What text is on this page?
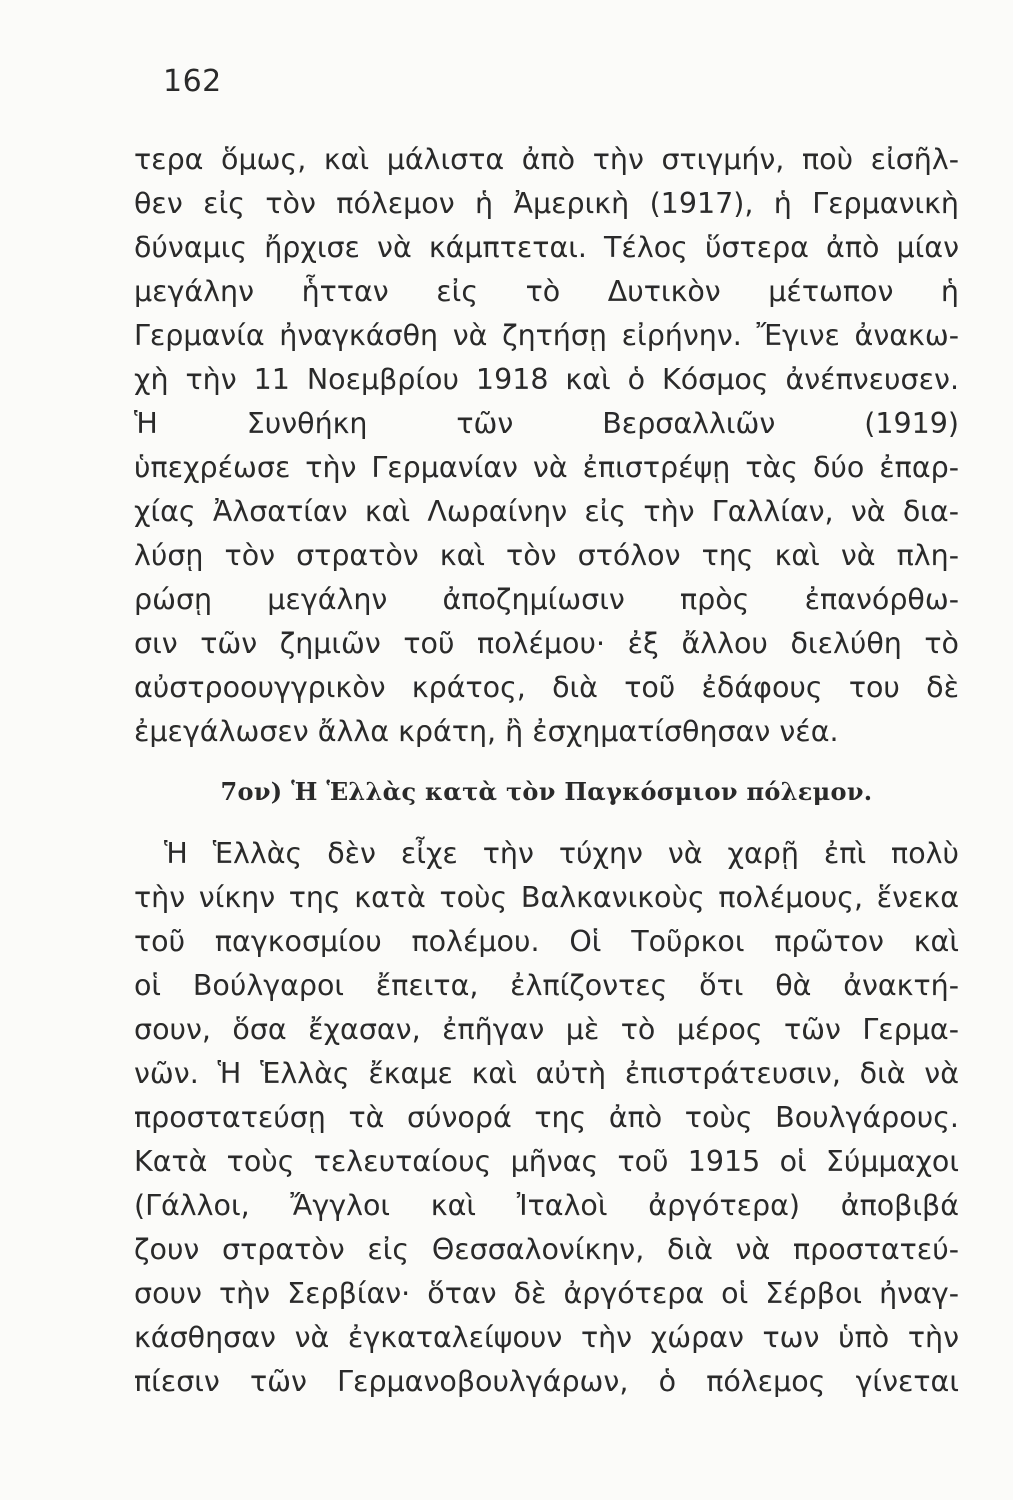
162
τερα ὅμως, καὶ μάλιστα ἀπὸ τὴν στιγμήν, ποὺ εἰσῆλ-
θεν εἰς τὸν πόλεμον ἡ Ἀμερικὴ (1917), ἡ Γερμανικὴ
δύναμις ἤρχισε νὰ κάμπτεται. Τέλος ὕστερα ἀπὸ μίαν
μεγάλην ἧτταν εἰς τὸ Δυτικὸν μέτωπον ἡ
Γερμανία ἠναγκάσθη νὰ ζητήσῃ εἰρήνην. Ἔγινε ἀνακω-
χὴ τὴν 11 Νοεμβρίου 1918 καὶ ὁ Κόσμος ἀνέπνευσεν.
Ἡ Συνθήκη τῶν Βερσαλλιῶν (1919)
ὑπεχρέωσε τὴν Γερμανίαν νὰ ἐπιστρέψῃ τὰς δύο ἐπαρ-
χίας Ἀλσατίαν καὶ Λωραίνην εἰς τὴν Γαλλίαν, νὰ δια-
λύσῃ τὸν στρατὸν καὶ τὸν στόλον της καὶ νὰ πλη-
ρώσῃ μεγάλην ἀποζημίωσιν πρὸς ἐπανόρθω-
σιν τῶν ζημιῶν τοῦ πολέμου· ἐξ ἄλλου διελύθη τὸ
αὐστροουγγρικὸν κράτος, διὰ τοῦ ἐδάφους του δὲ
ἐμεγάλωσεν ἄλλα κράτη, ἢ ἐσχηματίσθησαν νέα.
7ον) Ἡ Ἑλλὰς κατὰ τὸν Παγκόσμιον πόλεμον.
Ἡ Ἑλλὰς δὲν εἶχε τὴν τύχην νὰ χαρῇ ἐπὶ πολὺ
τὴν νίκην της κατὰ τοὺς Βαλκανικοὺς πολέμους, ἕνεκα
τοῦ παγκοσμίου πολέμου. Οἱ Τοῦρκοι πρῶτον καὶ
οἱ Βούλγαροι ἔπειτα, ἐλπίζοντες ὅτι θὰ ἀνακτή-
σουν, ὅσα ἔχασαν, ἐπῆγαν μὲ τὸ μέρος τῶν Γερμα-
νῶν. Ἡ Ἑλλὰς ἔκαμε καὶ αὐτὴ ἐπιστράτευσιν, διὰ νὰ
προστατεύσῃ τὰ σύνορά της ἀπὸ τοὺς Βουλγάρους.
Κατὰ τοὺς τελευταίους μῆνας τοῦ 1915 οἱ Σύμμαχοι
(Γάλλοι, Ἄγγλοι καὶ Ἰταλοὶ ἀργότερα) ἀποβιβά
ζουν στρατὸν εἰς Θεσσαλονίκην, διὰ νὰ προστατεύ-
σουν τὴν Σερβίαν· ὅταν δὲ ἀργότερα οἱ Σέρβοι ἠναγ-
κάσθησαν νὰ ἐγκαταλείψουν τὴν χώραν των ὑπὸ τὴν
πίεσιν τῶν Γερμανοβουλγάρων, ὁ πόλεμος γίνεται
